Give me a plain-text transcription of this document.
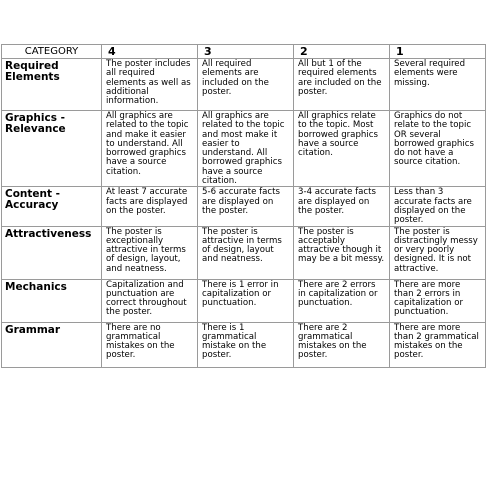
CATEGORY	4	3	2	1
Required Elements	The poster includes all required elements as well as additional information.	All required elements are included on the poster.	All but 1 of the required elements are included on the poster.	Several required elements were missing.
Graphics - Relevance	All graphics are related to the topic and make it easier to understand. All borrowed graphics have a source citation.	All graphics are related to the topic and most make it easier to understand. All borrowed graphics have a source citation.	All graphics relate to the topic. Most borrowed graphics have a source citation.	Graphics do not relate to the topic OR several borrowed graphics do not have a source citation.
Content - Accuracy	At least 7 accurate facts are displayed on the poster.	5-6 accurate facts are displayed on the poster.	3-4 accurate facts are displayed on the poster.	Less than 3 accurate facts are displayed on the poster.
Attractiveness	The poster is exceptionally attractive in terms of design, layout, and neatness.	The poster is attractive in terms of design, layout and neatness.	The poster is acceptably attractive though it may be a bit messy.	The poster is distractingly messy or very poorly designed. It is not attractive.
Mechanics	Capitalization and punctuation are correct throughout the poster.	There is 1 error in capitalization or punctuation.	There are 2 errors in capitalization or punctuation.	There are more than 2 errors in capitalization or punctuation.
Grammar	There are no grammatical mistakes on the poster.	There is 1 grammatical mistake on the poster.	There are 2 grammatical mistakes on the poster.	There are more than 2 grammatical mistakes on the poster.
